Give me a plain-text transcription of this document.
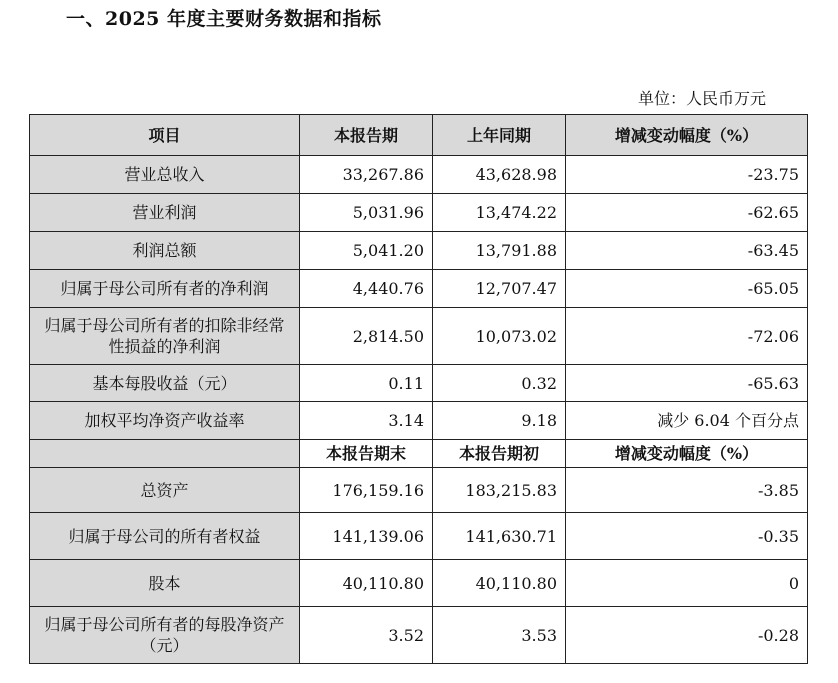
一、2025 年度主要财务数据和指标
单位：人民币万元
项目	本报告期	上年同期	增减变动幅度（%）
营业总收入	33,267.86	43,628.98	-23.75
营业利润	5,031.96	13,474.22	-62.65
利润总额	5,041.20	13,791.88	-63.45
归属于母公司所有者的净利润	4,440.76	12,707.47	-65.05
归属于母公司所有者的扣除非经常性损益的净利润	2,814.50	10,073.02	-72.06
基本每股收益（元）	0.11	0.32	-65.63
加权平均净资产收益率	3.14	9.18	减少 6.04 个百分点
	本报告期末	本报告期初	增减变动幅度（%）
总资产	176,159.16	183,215.83	-3.85
归属于母公司的所有者权益	141,139.06	141,630.71	-0.35
股本	40,110.80	40,110.80	0
归属于母公司所有者的每股净资产（元）	3.52	3.53	-0.28
